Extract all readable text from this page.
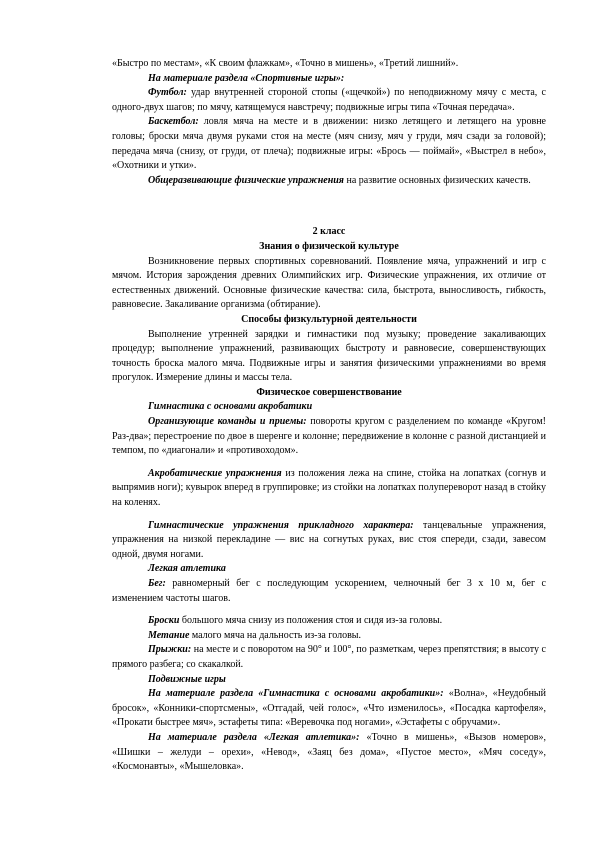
«Быстро по местам», «К своим флажкам», «Точно в мишень», «Третий лишний».

На материале раздела «Спортивные игры»:

Футбол: удар внутренней стороной стопы («щечкой») по неподвижному мячу с места, с одного-двух шагов; по мячу, катящемуся навстречу; подвижные игры типа «Точная передача».

Баскетбол: ловля мяча на месте и в движении: низко летящего и летящего на уровне головы; броски мяча двумя руками стоя на месте (мяч снизу, мяч у груди, мяч сзади за головой); передача мяча (снизу, от груди, от плеча); подвижные игры: «Брось — поймай», «Выстрел в небо», «Охотники и утки».

Общеразвивающие физические упражнения на развитие основных физических качеств.

2 класс

Знания о физической культуре

Возникновение первых спортивных соревнований. Появление мяча, упражнений и игр с мячом. История зарождения древних Олимпийских игр. Физические упражнения, их отличие от естественных движений. Основные физические качества: сила, быстрота, выносливость, гибкость, равновесие. Закаливание организма (обтирание).

Способы физкультурной деятельности

Выполнение утренней зарядки и гимнастики под музыку; проведение закаливающих процедур; выполнение упражнений, развивающих быстроту и равновесие, совершенствующих точность броска малого мяча. Подвижные игры и занятия физическими упражнениями во время прогулок. Измерение длины и массы тела.

Физическое совершенствование

Гимнастика с основами акробатики

Организующие команды и приемы: повороты кругом с разделением по команде «Кругом! Раз-два»; перестроение по двое в шеренге и колонне; передвижение в колонне с разной дистанцией и темпом, по «диагонали» и «противоходом».

Акробатические упражнения из положения лежа на спине, стойка на лопатках (согнув и выпрямив ноги); кувырок вперед в группировке; из стойки на лопатках полупереворот назад в стойку на коленях.

Гимнастические упражнения прикладного характера: танцевальные упражнения, упражнения на низкой перекладине — вис на согнутых руках, вис стоя спереди, сзади, завесом одной, двумя ногами.

Легкая атлетика

Бег: равномерный бег с последующим ускорением, челночный бег 3 х 10 м, бег с изменением частоты шагов.

Броски большого мяча снизу из положения стоя и сидя из-за головы.

Метание малого мяча на дальность из-за головы.

Прыжки: на месте и с поворотом на 90° и 100°, по разметкам, через препятствия; в высоту с прямого разбега; со скакалкой.

Подвижные игры

На материале раздела «Гимнастика с основами акробатики»: «Волна», «Неудобный бросок», «Конники-спортсмены», «Отгадай, чей голос», «Что изменилось», «Посадка картофеля», «Прокати быстрее мяч», эстафеты типа: «Веревочка под ногами», «Эстафеты с обручами».

На материале раздела «Легкая атлетика»: «Точно в мишень», «Вызов номеров», «Шишки – желуди – орехи», «Невод», «Заяц без домa», «Пустое место», «Мяч соседу», «Космонавты», «Мышеловка».
